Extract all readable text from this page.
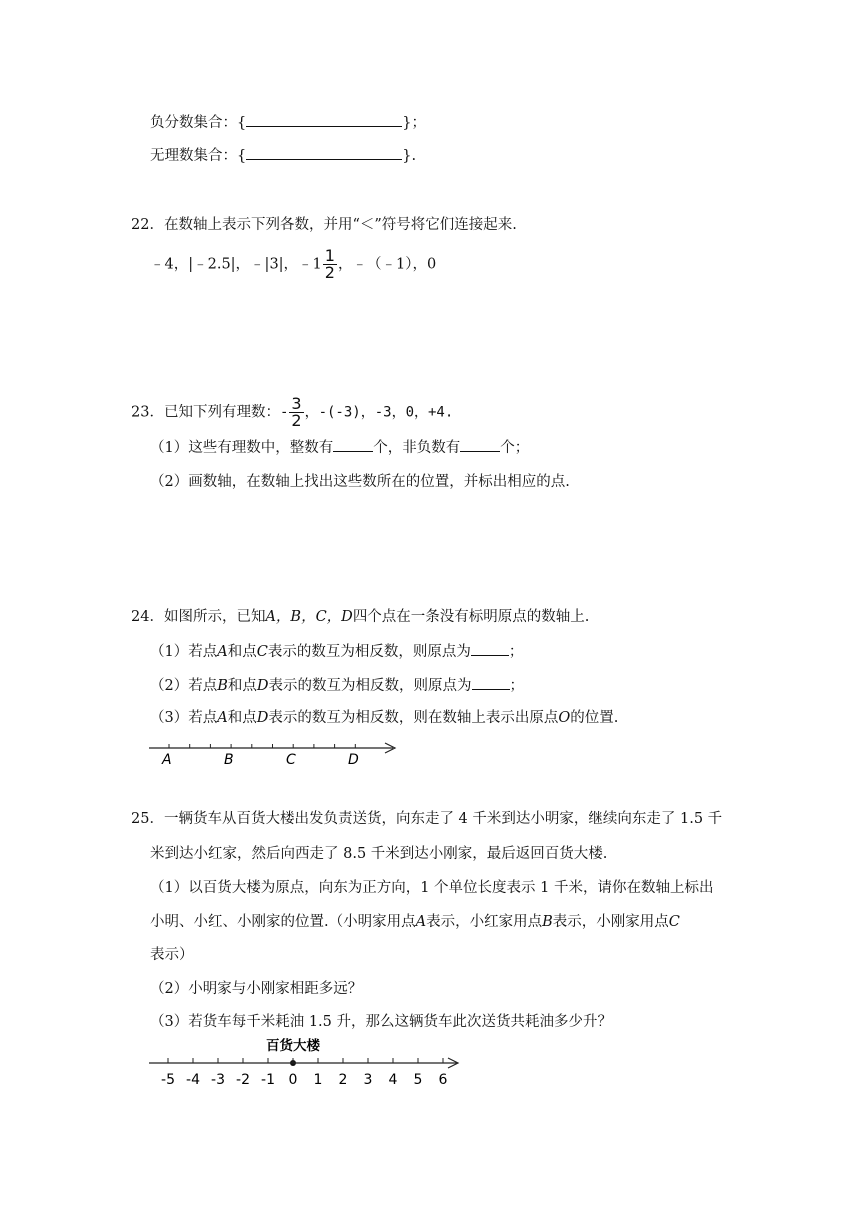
负分数集合：{	}；
无理数集合：{	}.
22．在数轴上表示下列各数，并用“＜”符号将它们连接起来.
﹣4，|﹣2.5|，﹣|3|，﹣1 $\frac{1}{2}$ ，﹣（﹣1），0
23．已知下列有理数：- $\frac{3}{2}$ ，-(-3)，-3，0，+4.
（1）这些有理数中，整数有	个，非负数有	个；
（2）画数轴，在数轴上找出这些数所在的位置，并标出相应的点.
24．如图所示，已知A，B，C，D四个点在一条没有标明原点的数轴上.
（1）若点A和点C表示的数互为相反数，则原点为	；
（2）若点B和点D表示的数互为相反数，则原点为	；
（3）若点A和点D表示的数互为相反数，则在数轴上表示出原点O的位置.
A	B	C	D
25．一辆货车从百货大楼出发负责送货，向东走了 4 千米到达小明家，继续向东走了 1.5 千
米到达小红家，然后向西走了 8.5 千米到达小刚家，最后返回百货大楼.
（1）以百货大楼为原点，向东为正方向，1 个单位长度表示 1 千米，请你在数轴上标出
小明、小红、小刚家的位置.（小明家用点A表示，小红家用点B表示，小刚家用点C
表示）
（2）小明家与小刚家相距多远？
（3）若货车每千米耗油 1.5 升，那么这辆货车此次送货共耗油多少升？
百货大楼
-5 -4 -3 -2 -1 0 1 2 3 4 5 6
